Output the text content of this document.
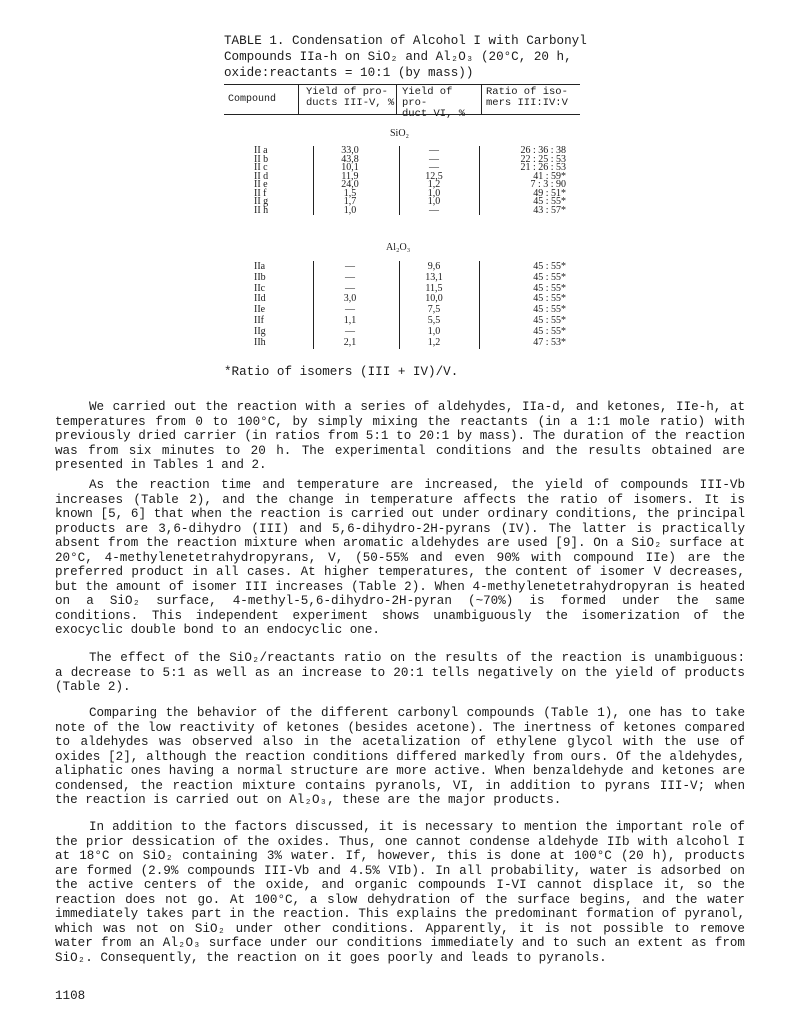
TABLE 1. Condensation of Alcohol I with Carbonyl
Compounds IIa-h on SiO₂ and Al₂O₃ (20°C, 20 h,
oxide:reactants = 10:1 (by mass))
Compound
Yield of pro-
ducts III-V, %
Yield of pro-
duct VI, %
Ratio of iso-
mers III:IV:V
SiO₂
II a
II b
II c
II d
II e
II f
II g
II h
33,0
43,8
10,1
11,9
24,0
1,5
1,7
1,0
—
—
—
12,5
1,2
1,0
1,0
—
26 : 36 : 38
22 : 25 : 53
21 : 26 : 53
41 : 59*
7 : 3 : 90
49 : 51*
45 : 55*
43 : 57*
Al₂O₃
IIa
IIb
IIc
IId
IIe
IIf
IIg
IIh
—
—
—
3,0
—
1,1
—
2,1
9,6
13,1
11,5
10,0
7,5
5,5
1,0
1,2
45 : 55*
45 : 55*
45 : 55*
45 : 55*
45 : 55*
45 : 55*
45 : 55*
47 : 53*
*Ratio of isomers (III + IV)/V.

We carried out the reaction with a series of aldehydes, IIa-d, and ketones, IIe-h, at temperatures from 0 to 100°C, by simply mixing the reactants (in a 1:1 mole ratio) with previously dried carrier (in ratios from 5:1 to 20:1 by mass). The duration of the reaction was from six minutes to 20 h. The experimental conditions and the results obtained are presented in Tables 1 and 2.

As the reaction time and temperature are increased, the yield of compounds III-Vb increases (Table 2), and the change in temperature affects the ratio of isomers. It is known [5, 6] that when the reaction is carried out under ordinary conditions, the principal products are 3,6-dihydro (III) and 5,6-dihydro-2H-pyrans (IV). The latter is practically absent from the reaction mixture when aromatic aldehydes are used [9]. On a SiO₂ surface at 20°C, 4-methylenetetrahydropyrans, V, (50-55% and even 90% with compound IIe) are the preferred product in all cases. At higher temperatures, the content of isomer V decreases, but the amount of isomer III increases (Table 2). When 4-methylenetetrahydropyran is heated on a SiO₂ surface, 4-methyl-5,6-dihydro-2H-pyran (~70%) is formed under the same conditions. This independent experiment shows unambiguously the isomerization of the exocyclic double bond to an endocyclic one.

The effect of the SiO₂/reactants ratio on the results of the reaction is unambiguous: a decrease to 5:1 as well as an increase to 20:1 tells negatively on the yield of products (Table 2).

Comparing the behavior of the different carbonyl compounds (Table 1), one has to take note of the low reactivity of ketones (besides acetone). The inertness of ketones compared to aldehydes was observed also in the acetalization of ethylene glycol with the use of oxides [2], although the reaction conditions differed markedly from ours. Of the aldehydes, aliphatic ones having a normal structure are more active. When benzaldehyde and ketones are condensed, the reaction mixture contains pyranols, VI, in addition to pyrans III-V; when the reaction is carried out on Al₂O₃, these are the major products.

In addition to the factors discussed, it is necessary to mention the important role of the prior dessication of the oxides. Thus, one cannot condense aldehyde IIb with alcohol I at 18°C on SiO₂ containing 3% water. If, however, this is done at 100°C (20 h), products are formed (2.9% compounds III-Vb and 4.5% VIb). In all probability, water is adsorbed on the active centers of the oxide, and organic compounds I-VI cannot displace it, so the reaction does not go. At 100°C, a slow dehydration of the surface begins, and the water immediately takes part in the reaction. This explains the predominant formation of pyranol, which was not on SiO₂ under other conditions. Apparently, it is not possible to remove water from an Al₂O₃ surface under our conditions immediately and to such an extent as from SiO₂. Consequently, the reaction on it goes poorly and leads to pyranols.

1108
